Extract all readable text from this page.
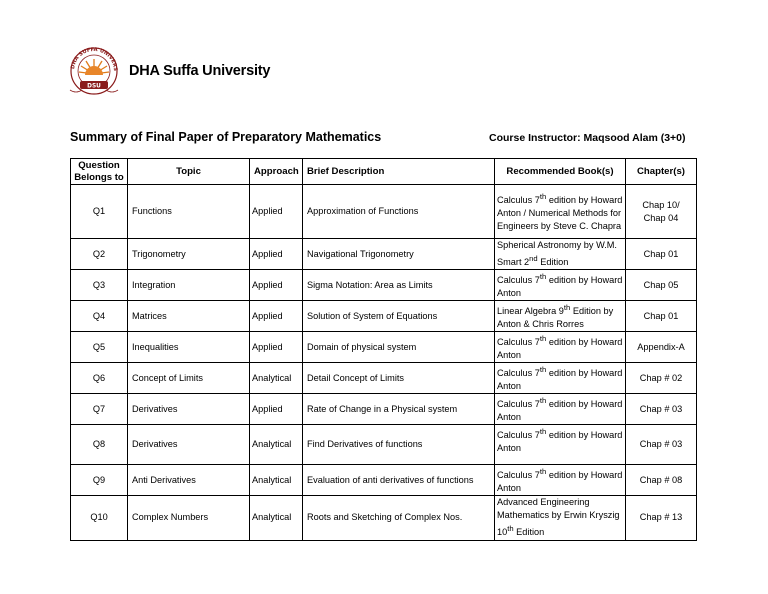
DHA SUFFA UNIVERS
DSU
DHA Suffa University
Summary of Final Paper of Preparatory Mathematics	Course Instructor: Maqsood Alam (3+0)
Question
Belongs to	Topic	Approach	Brief Description	Recommended Book(s)	Chapter(s)
Q1	Functions	Applied	Approximation of Functions	Calculus 7th edition by Howard Anton / Numerical Methods for Engineers by Steve C. Chapra	Chap 10/
Chap 04
Q2	Trigonometry	Applied	Navigational Trigonometry	Spherical Astronomy by W.M. Smart 2nd Edition	Chap 01
Q3	Integration	Applied	Sigma Notation: Area as Limits	Calculus 7th edition by Howard Anton	Chap 05
Q4	Matrices	Applied	Solution of System of Equations	Linear Algebra 9th Edition by Anton & Chris Rorres	Chap 01
Q5	Inequalities	Applied	Domain of physical system	Calculus 7th edition by Howard Anton	Appendix-A
Q6	Concept of Limits	Analytical	Detail Concept of Limits	Calculus 7th edition by Howard Anton	Chap # 02
Q7	Derivatives	Applied	Rate of Change in a Physical system	Calculus 7th edition by Howard Anton	Chap # 03
Q8	Derivatives	Analytical	Find Derivatives of functions	Calculus 7th edition by Howard Anton	Chap # 03
Q9	Anti Derivatives	Analytical	Evaluation of anti derivatives of functions	Calculus 7th edition by Howard Anton	Chap # 08
Q10	Complex Numbers	Analytical	Roots and Sketching of Complex Nos.	Advanced Engineering Mathematics by Erwin Kryszig 10th Edition	Chap # 13
